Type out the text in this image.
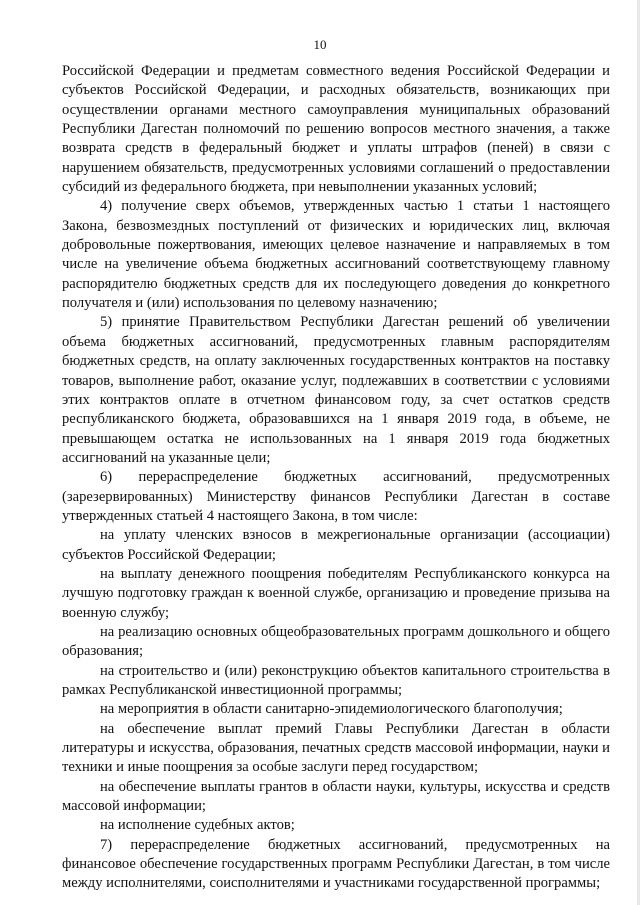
10

Российской Федерации и предметам совместного ведения Российской Федерации и субъектов Российской Федерации, и расходных обязательств, возникающих при осуществлении органами местного самоуправления муниципальных образований Республики Дагестан полномочий по решению вопросов местного значения, а также возврата средств в федеральный бюджет и уплаты штрафов (пеней) в связи с нарушением обязательств, предусмотренных условиями соглашений о предоставлении субсидий из федерального бюджета, при невыполнении указанных условий;

4) получение сверх объемов, утвержденных частью 1 статьи 1 настоящего Закона, безвозмездных поступлений от физических и юридических лиц, включая добровольные пожертвования, имеющих целевое назначение и направляемых в том числе на увеличение объема бюджетных ассигнований соответствующему главному распорядителю бюджетных средств для их последующего доведения до конкретного получателя и (или) использования по целевому назначению;

5) принятие Правительством Республики Дагестан решений об увеличении объема бюджетных ассигнований, предусмотренных главным распорядителям бюджетных средств, на оплату заключенных государственных контрактов на поставку товаров, выполнение работ, оказание услуг, подлежавших в соответствии с условиями этих контрактов оплате в отчетном финансовом году, за счет остатков средств республиканского бюджета, образовавшихся на 1 января 2019 года, в объеме, не превышающем остатка не использованных на 1 января 2019 года бюджетных ассигнований на указанные цели;

6) перераспределение бюджетных ассигнований, предусмотренных (зарезервированных) Министерству финансов Республики Дагестан в составе утвержденных статьей 4 настоящего Закона, в том числе:

на уплату членских взносов в межрегиональные организации (ассоциации) субъектов Российской Федерации;

на выплату денежного поощрения победителям Республиканского конкурса на лучшую подготовку граждан к военной службе, организацию и проведение призыва на военную службу;

на реализацию основных общеобразовательных программ дошкольного и общего образования;

на строительство и (или) реконструкцию объектов капитального строительства в рамках Республиканской инвестиционной программы;

на мероприятия в области санитарно-эпидемиологического благополучия;

на обеспечение выплат премий Главы Республики Дагестан в области литературы и искусства, образования, печатных средств массовой информации, науки и техники и иные поощрения за особые заслуги перед государством;

на обеспечение выплаты грантов в области науки, культуры, искусства и средств массовой информации;

на исполнение судебных актов;

7) перераспределение бюджетных ассигнований, предусмотренных на финансовое обеспечение государственных программ Республики Дагестан, в том числе между исполнителями, соисполнителями и участниками государственной программы;
